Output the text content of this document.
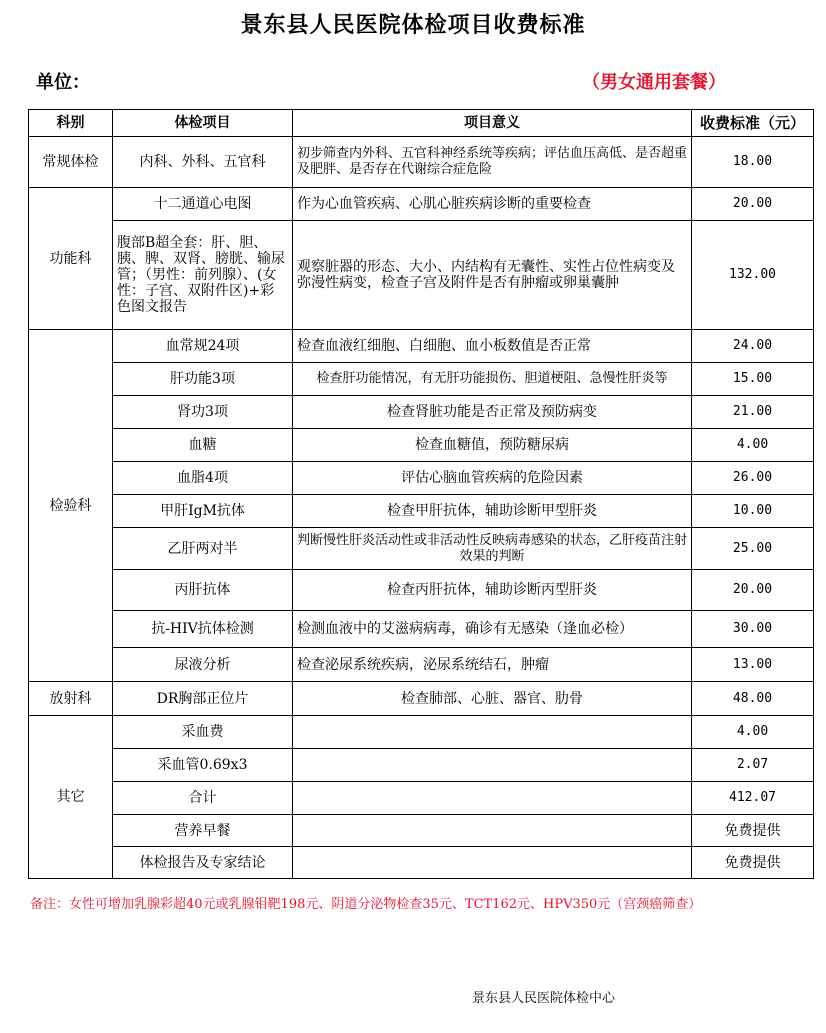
景东县人民医院体检项目收费标准
单位：	（男女通用套餐）
科别	体检项目	项目意义	收费标准（元）
常规体检	内科、外科、五官科	初步筛查内外科、五官科神经系统等疾病；评估血压高低、是否超重及肥胖、是否存在代谢综合症危险	18.00
功能科	十二通道心电图	作为心血管疾病、心肌心脏疾病诊断的重要检查	20.00
	腹部B超全套：肝、胆、胰、脾、双肾、膀胱、输尿管；（男性：前列腺）、(女性：子宫、双附件区)+彩色图文报告	观察脏器的形态、大小、内结构有无囊性、实性占位性病变及弥漫性病变，检查子宫及附件是否有肿瘤或卵巢囊肿	132.00
检验科	血常规24项	检查血液红细胞、白细胞、血小板数值是否正常	24.00
	肝功能3项	检查肝功能情况，有无肝功能损伤、胆道梗阻、急慢性肝炎等	15.00
	肾功3项	检查肾脏功能是否正常及预防病变	21.00
	血糖	检查血糖值，预防糖尿病	4.00
	血脂4项	评估心脑血管疾病的危险因素	26.00
	甲肝IgM抗体	检查甲肝抗体，辅助诊断甲型肝炎	10.00
	乙肝两对半	判断慢性肝炎活动性或非活动性反映病毒感染的状态，乙肝疫苗注射效果的判断	25.00
	丙肝抗体	检查丙肝抗体，辅助诊断丙型肝炎	20.00
	抗-HIV抗体检测	检测血液中的艾滋病病毒，确诊有无感染（逢血必检）	30.00
	尿液分析	检查泌尿系统疾病，泌尿系统结石，肿瘤	13.00
放射科	DR胸部正位片	检查肺部、心脏、器官、肋骨	48.00
其它	采血费		4.00
	采血管0.69x3		2.07
	合计		412.07
	营养早餐		免费提供
	体检报告及专家结论		免费提供
备注：女性可增加乳腺彩超40元或乳腺钼靶198元、阴道分泌物检查35元、TCT162元、HPV350元（宫颈癌筛查）
景东县人民医院体检中心
